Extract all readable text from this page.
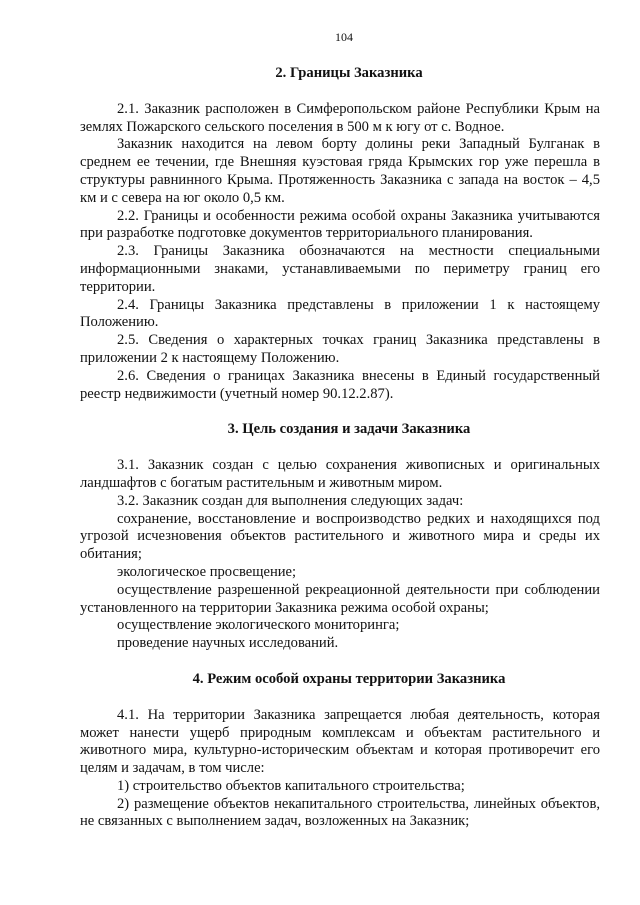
104
2. Границы Заказника

2.1. Заказник расположен в Симферопольском районе Республики Крым на землях Пожарского сельского поселения в 500 м к югу от с. Водное.

Заказник находится на левом борту долины реки Западный Булганак в среднем ее течении, где Внешняя куэстовая гряда Крымских гор уже перешла в структуры равнинного Крыма. Протяженность Заказника с запада на восток – 4,5 км и с севера на юг около 0,5 км.

2.2. Границы и особенности режима особой охраны Заказника учитываются при разработке подготовке документов территориального планирования.

2.3. Границы Заказника обозначаются на местности специальными информационными знаками, устанавливаемыми по периметру границ его территории.

2.4. Границы Заказника представлены в приложении 1 к настоящему Положению.

2.5. Сведения о характерных точках границ Заказника представлены в приложении 2 к настоящему Положению.

2.6. Сведения о границах Заказника внесены в Единый государственный реестр недвижимости (учетный номер 90.12.2.87).

3. Цель создания и задачи Заказника

3.1. Заказник создан с целью сохранения живописных и оригинальных ландшафтов с богатым растительным и животным миром.

3.2. Заказник создан для выполнения следующих задач:

сохранение, восстановление и воспроизводство редких и находящихся под угрозой исчезновения объектов растительного и животного мира и среды их обитания;
экологическое просвещение;
осуществление разрешенной рекреационной деятельности при соблюдении установленного на территории Заказника режима особой охраны;
осуществление экологического мониторинга;
проведение научных исследований.
4. Режим особой охраны территории Заказника

4.1. На территории Заказника запрещается любая деятельность, которая может нанести ущерб природным комплексам и объектам растительного и животного мира, культурно-историческим объектам и которая противоречит его целям и задачам, в том числе:

1) строительство объектов капитального строительства;

2) размещение объектов некапитального строительства, линейных объектов, не связанных с выполнением задач, возложенных на Заказник;
